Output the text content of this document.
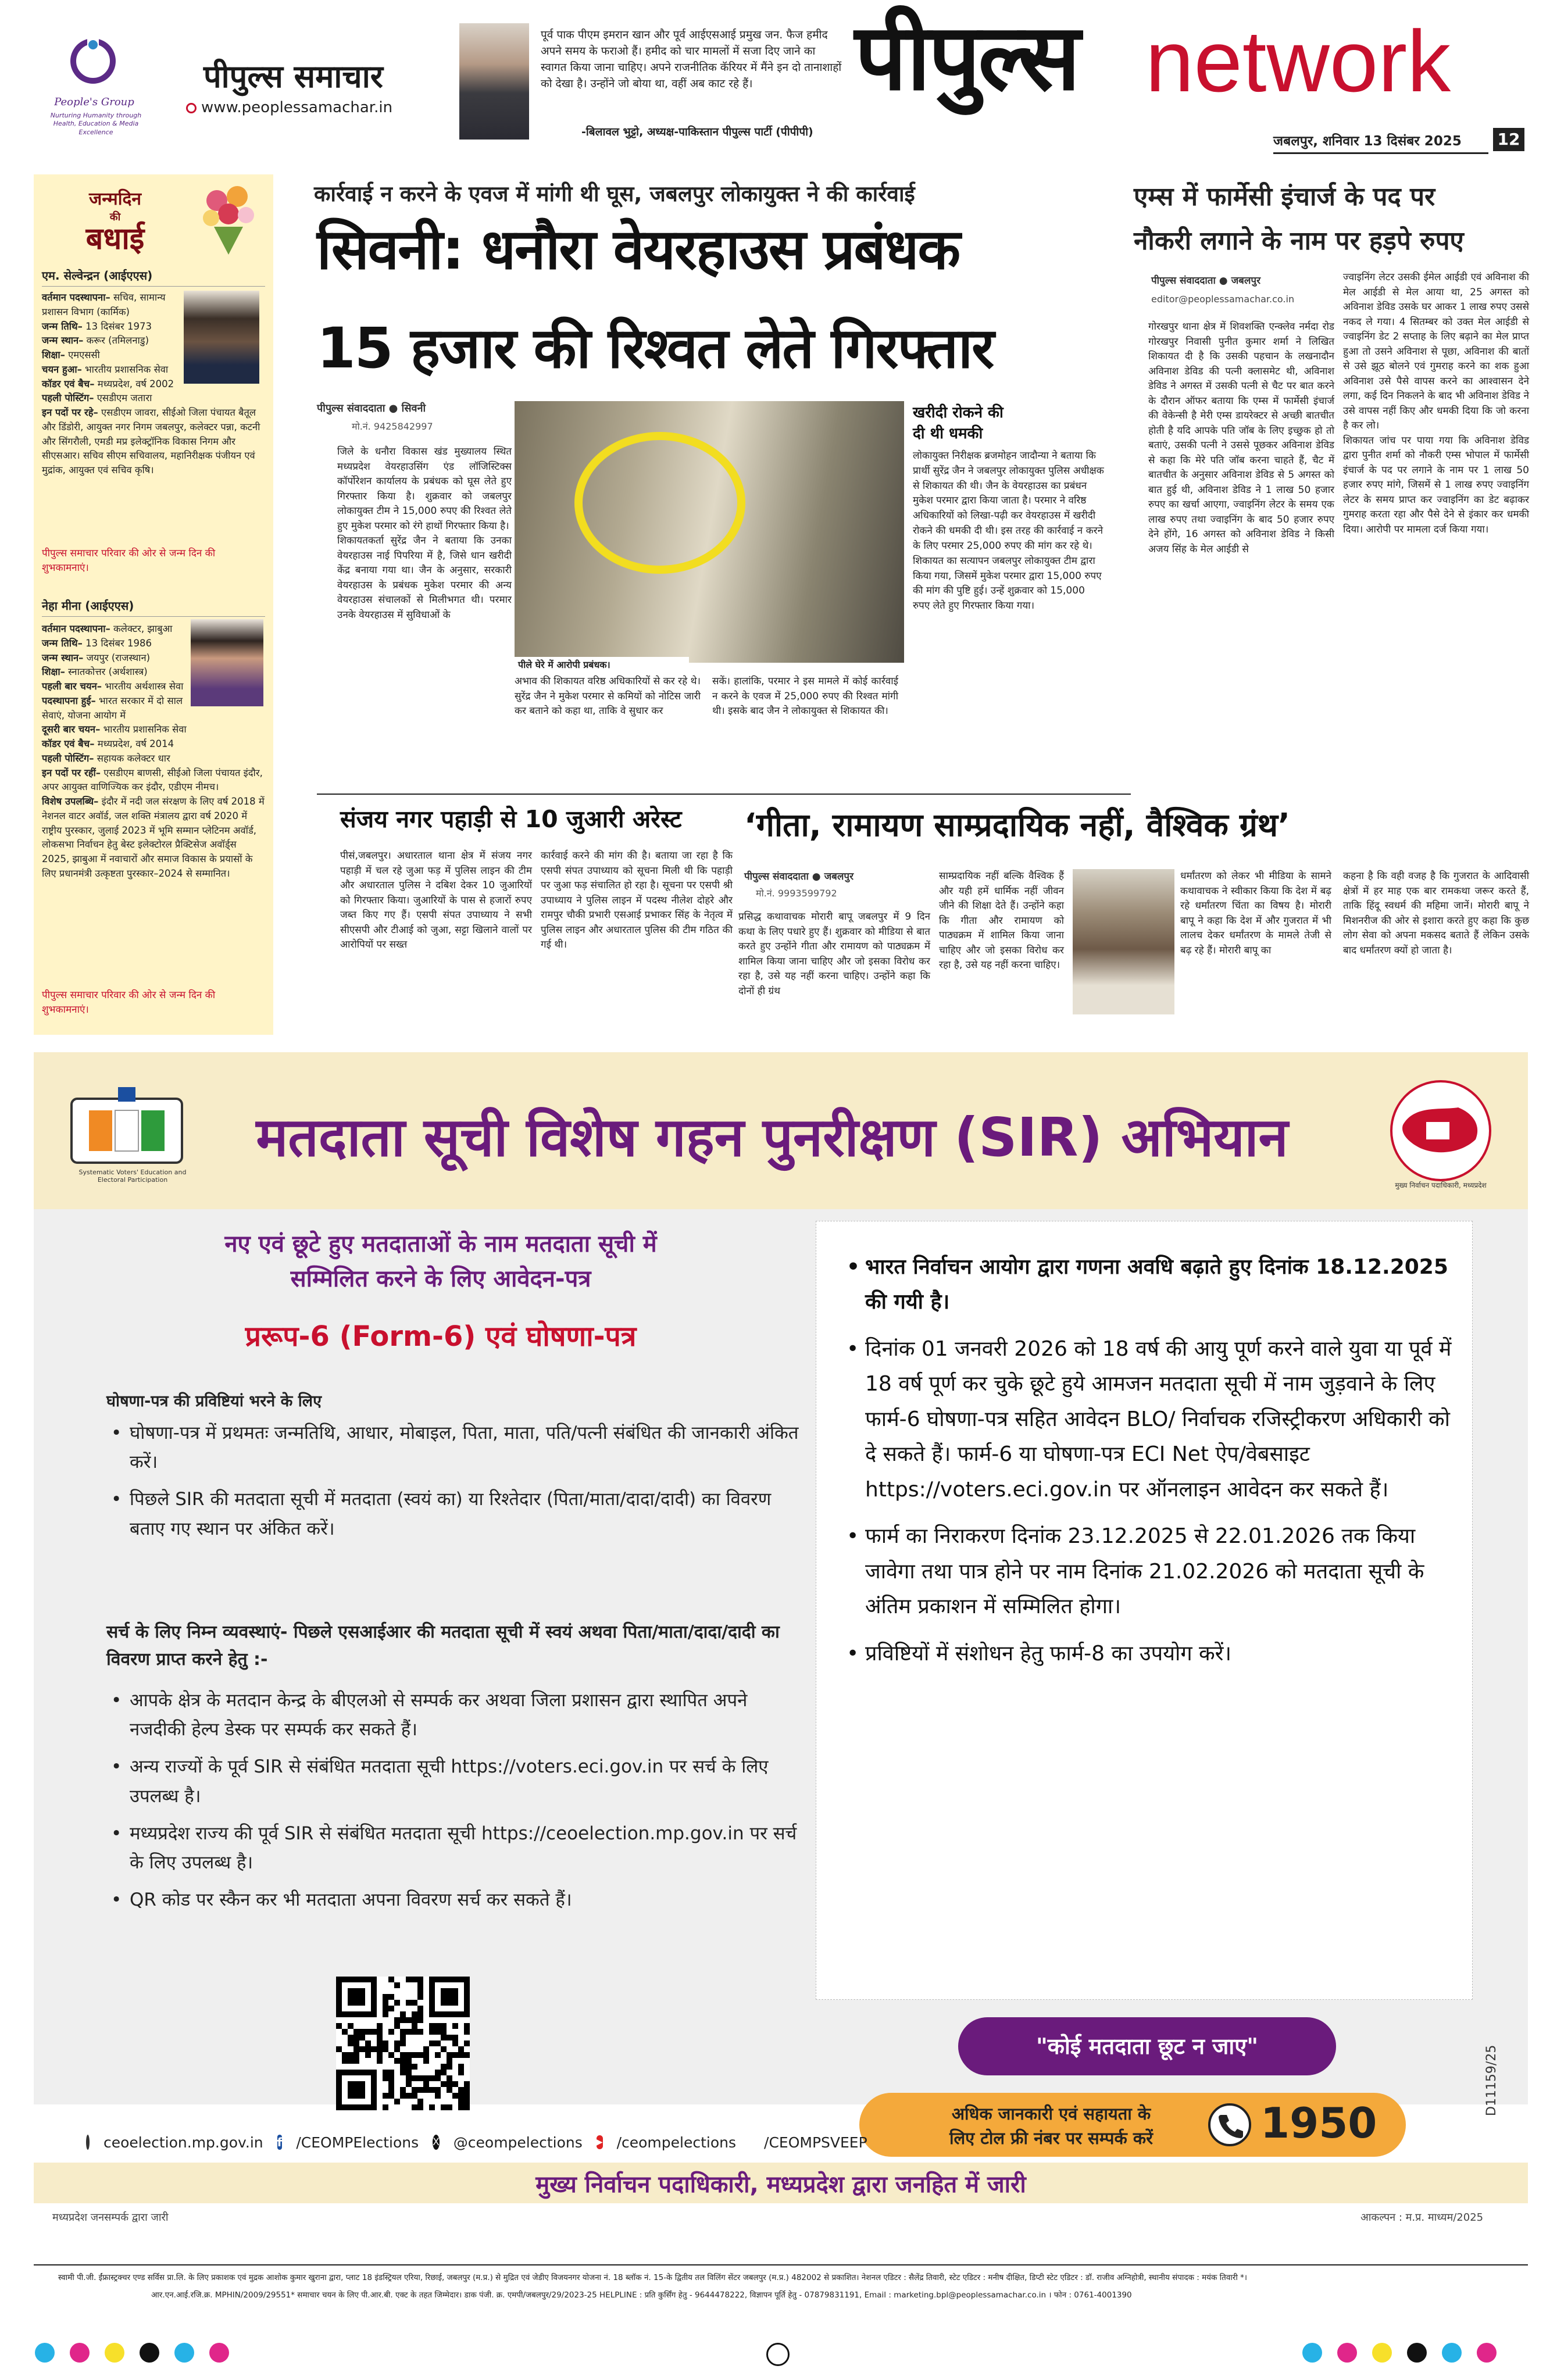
People's Group
Nurturing Humanity through Health, Education & Media Excellence
पीपुल्स समाचार
www.peoplessamachar.in
पूर्व पाक पीएम इमरान खान और पूर्व आईएसआई प्रमुख जन. फैज हमीद अपने समय के फराओ हैं। हमीद को चार मामलों में सजा दिए जाने का स्वागत किया जाना चाहिए। अपने राजनीतिक कॅरियर में मैंने इन दो तानाशाहों को देखा है। उन्होंने जो बोया था, वहीं अब काट रहे हैं।
-बिलावल भुट्टो, अध्यक्ष-पाकिस्तान पीपुल्स पार्टी (पीपीपी)
पीपुल्स network
जबलपुर, शनिवार 13 दिसंबर 2025 12
जन्मदिन
की
बधाई
एम. सेल्वेन्द्रन (आईएएस)
वर्तमान पदस्थापना– सचिव, सामान्य प्रशासन विभाग (कार्मिक)
जन्म तिथि– 13 दिसंबर 1973
जन्म स्थान– करूर (तमिलनाडु)
शिक्षा– एमएससी
चयन हुआ– भारतीय प्रशासनिक सेवा
कॉडर एवं बैच– मध्यप्रदेश, वर्ष 2002
पहली पोस्टिंग– एसडीएम जतारा
इन पदों पर रहे– एसडीएम जावरा, सीईओ जिला पंचायत बैतूल और डिंडोरी, आयुक्त नगर निगम जबलपुर, कलेक्टर पन्ना, कटनी और सिंगरौली, एमडी मप्र इलेक्ट्रॉनिक विकास निगम और सीएसआर। सचिव सीएम सचिवालय, महानिरीक्षक पंजीयन एवं मुद्रांक, आयुक्त एवं सचिव कृषि।
पीपुल्स समाचार परिवार की ओर से जन्म दिन की शुभकामनाएं।
नेहा मीना (आईएएस)
वर्तमान पदस्थापना– कलेक्टर, झाबुआ
जन्म तिथि– 13 दिसंबर 1986
जन्म स्थान– जयपुर (राजस्थान)
शिक्षा– स्नातकोत्तर (अर्थशास्त्र)
पहली बार चयन– भारतीय अर्थशास्त्र सेवा
पदस्थापना हुई– भारत सरकार में दो साल सेवाएं, योजना आयोग में
दूसरी बार चयन– भारतीय प्रशासनिक सेवा
कॉडर एवं बैच– मध्यप्रदेश, वर्ष 2014
पहली पोस्टिंग– सहायक कलेक्टर धार
इन पदों पर रहीं– एसडीएम बाणसी, सीईओ जिला पंचायत इंदौर, अपर आयुक्त वाणिज्यिक कर इंदौर, एडीएम नीमच।
विशेष उपलब्धि– इंदौर में नदी जल संरक्षण के लिए वर्ष 2018 में नेशनल वाटर अवॉर्ड, जल शक्ति मंत्रालय द्वारा वर्ष 2020 में राष्ट्रीय पुरस्कार, जुलाई 2023 में भूमि सम्मान प्लेटिनम अवॉर्ड, लोकसभा निर्वाचन हेतु बेस्ट इलेक्टोरल प्रैक्टिसेज अवॉर्ड्स 2025, झाबुआ में नवाचारों और समाज विकास के प्रयासों के लिए प्रधानमंत्री उत्कृष्टता पुरस्कार–2024 से सम्मानित।
पीपुल्स समाचार परिवार की ओर से जन्म दिन की शुभकामनाएं।
कार्रवाई न करने के एवज में मांगी थी घूस, जबलपुर लोकायुक्त ने की कार्रवाई
सिवनी: धनौरा वेयरहाउस प्रबंधक
15 हजार की रिश्वत लेते गिरफ्तार
पीपुल्स संवाददाता ● सिवनी
मो.नं. 9425842997
जिले के धनौरा विकास खंड मुख्यालय स्थित मध्यप्रदेश वेयरहाउसिंग एंड लॉजिस्टिक्स कॉर्पोरेशन कार्यालय के प्रबंधक को घूस लेते हुए गिरफ्तार किया है। शुक्रवार को जबलपुर लोकायुक्त टीम ने 15,000 रुपए की रिश्वत लेते हुए मुकेश परमार को रंगे हाथों गिरफ्तार किया है।
शिकायतकर्ता सुरेंद्र जैन ने बताया कि उनका वेयरहाउस नाई पिपरिया में है, जिसे धान खरीदी केंद्र बनाया गया था। जैन के अनुसार, सरकारी वेयरहाउस के प्रबंधक मुकेश परमार की अन्य वेयरहाउस संचालकों से मिलीभगत थी। परमार उनके वेयरहाउस में सुविधाओं के
पीले घेरे में आरोपी प्रबंधक।
अभाव की शिकायत वरिष्ठ अधिकारियों से कर रहे थे। सुरेंद्र जैन ने मुकेश परमार से कमियों को नोटिस जारी कर बताने को कहा था, ताकि वे सुधार कर
सकें। हालांकि, परमार ने इस मामले में कोई कार्रवाई न करने के एवज में 25,000 रुपए की रिश्वत मांगी थी। इसके बाद जैन ने लोकायुक्त से शिकायत की।
खरीदी रोकने की
दी थी धमकी
लोकायुक्त निरीक्षक ब्रजमोहन जादौन्या ने बताया कि प्रार्थी सुरेंद्र जैन ने जबलपुर लोकायुक्त पुलिस अधीक्षक से शिकायत की थी। जैन के वेयरहाउस का प्रबंधन मुकेश परमार द्वारा किया जाता है। परमार ने वरिष्ठ अधिकारियों को लिखा-पढ़ी कर वेयरहाउस में खरीदी रोकने की धमकी दी थी। इस तरह की कार्रवाई न करने के लिए परमार 25,000 रुपए की मांग कर रहे थे। शिकायत का सत्यापन जबलपुर लोकायुक्त टीम द्वारा किया गया, जिसमें मुकेश परमार द्वारा 15,000 रुपए की मांग की पुष्टि हुई। उन्हें शुक्रवार को 15,000 रुपए लेते हुए गिरफ्तार किया गया।
एम्स में फार्मेसी इंचार्ज के पद पर
नौकरी लगाने के नाम पर हड़पे रुपए
पीपुल्स संवाददाता ● जबलपुर
editor@peoplessamachar.co.in
गोरखपुर थाना क्षेत्र में शिवशक्ति एन्क्लेव नर्मदा रोड गोरखपुर निवासी पुनीत कुमार शर्मा ने लिखित शिकायत दी है कि उसकी पहचान के लखनादौन अविनाश डेविड की पत्नी क्लासमेट थी, अविनाश डेविड ने अगस्त में उसकी पत्नी से चैट पर बात करने के दौरान ऑफर बताया कि एम्स में फार्मेसी इंचार्ज की वेकेन्सी है मेरी एम्स डायरेक्टर से अच्छी बातचीत होती है यदि आपके पति जॉब के लिए इच्छुक हो तो बताएं, उसकी पत्नी ने उससे पूछकर अविनाश डेविड से कहा कि मेरे पति जॉब करना चाहते हैं, चैट में बातचीत के अनुसार अविनाश डेविड से 5 अगस्त को बात हुई थी, अविनाश डेविड ने 1 लाख 50 हजार रुपए का खर्चा आएगा, ज्वाइनिंग लेटर के समय एक लाख रुपए तथा ज्वाइनिंग के बाद 50 हजार रुपए देने होंगे, 16 अगस्त को अविनाश डेविड ने किसी अजय सिंह के मेल आईडी से
ज्वाइनिंग लेटर उसकी ईमेल आईडी एवं अविनाश की मेल आईडी से मेल आया था, 25 अगस्त को अविनाश डेविड उसके घर आकर 1 लाख रुपए उससे नकद ले गया। 4 सितम्बर को उक्त मेल आईडी से ज्वाइनिंग डेट 2 सप्ताह के लिए बढ़ाने का मेल प्राप्त हुआ तो उसने अविनाश से पूछा, अविनाश की बातों से उसे झूठ बोलने एवं गुमराह करने का शक हुआ अविनाश उसे पैसे वापस करने का आश्वासन देने लगा, कई दिन निकलने के बाद भी अविनाश डेविड ने उसे वापस नहीं किए और धमकी दिया कि जो करना है कर लो।
शिकायत जांच पर पाया गया कि अविनाश डेविड द्वारा पुनीत शर्मा को नौकरी एम्स भोपाल में फार्मेसी इंचार्ज के पद पर लगाने के नाम पर 1 लाख 50 हजार रुपए मांगे, जिसमें से 1 लाख रुपए ज्वाइनिंग लेटर के समय प्राप्त कर ज्वाइनिंग का डेट बढ़ाकर गुमराह करता रहा और पैसे देने से इंकार कर धमकी दिया। आरोपी पर मामला दर्ज किया गया।
संजय नगर पहाड़ी से 10 जुआरी अरेस्ट
पीसं,जबलपुर। अधारताल थाना क्षेत्र में संजय नगर पहाड़ी में चल रहे जुआ फड़ में पुलिस लाइन की टीम और अधारताल पुलिस ने दबिश देकर 10 जुआरियों को गिरफ्तार किया। जुआरियों के पास से हजारों रुपए जब्त किए गए हैं। एसपी संपत उपाध्याय ने सभी सीएसपी और टीआई को जुआ, सट्टा खिलाने वालों पर आरोपियों पर सख्त
कार्रवाई करने की मांग की है। बताया जा रहा है कि एसपी संपत उपाध्याय को सूचना मिली थी कि पहाड़ी पर जुआ फड़ संचालित हो रहा है। सूचना पर एसपी श्री उपाध्याय ने पुलिस लाइन में पदस्थ नीलेश दोहरे और रामपुर चौकी प्रभारी एसआई प्रभाकर सिंह के नेतृत्व में पुलिस लाइन और अधारताल पुलिस की टीम गठित की गई थी।
‘गीता, रामायण साम्प्रदायिक नहीं, वैश्विक ग्रंथ’
पीपुल्स संवाददाता ● जबलपुर
मो.नं. 9993599792
प्रसिद्ध कथावाचक मोरारी बापू जबलपुर में 9 दिन कथा के लिए पधारे हुए हैं। शुक्रवार को मीडिया से बात करते हुए उन्होंने गीता और रामायण को पाठ्यक्रम में शामिल किया जाना चाहिए और जो इसका विरोध कर रहा है, उसे यह नहीं करना चाहिए। उन्होंने कहा कि दोनों ही ग्रंथ
साम्प्रदायिक नहीं बल्कि वैश्विक हैं और यही हमें धार्मिक नहीं जीवन जीने की शिक्षा देते हैं। उन्होंने कहा कि गीता और रामायण को पाठ्यक्रम में शामिल किया जाना चाहिए और जो इसका विरोध कर रहा है, उसे यह नहीं करना चाहिए।
धर्मांतरण को लेकर भी मीडिया के सामने कथावाचक ने स्वीकार किया कि देश में बढ़ रहे धर्मांतरण चिंता का विषय है। मोरारी बापू ने कहा कि देश में और गुजरात में भी लालच देकर धर्मांतरण के मामले तेजी से बढ़ रहे हैं। मोरारी बापू का
कहना है कि वही वजह है कि गुजरात के आदिवासी क्षेत्रों में हर माह एक बार रामकथा जरूर करते हैं, ताकि हिंदू स्वधर्म की महिमा जानें। मोरारी बापू ने मिशनरीज की ओर से इशारा करते हुए कहा कि कुछ लोग सेवा को अपना मकसद बताते हैं लेकिन उसके बाद धर्मांतरण क्यों हो जाता है।
Systematic Voters' Education and Electoral Participation
मतदाता सूची विशेष गहन पुनरीक्षण (SIR) अभियान
मुख्य निर्वाचन पदाधिकारी, मध्यप्रदेश
नए एवं छूटे हुए मतदाताओं के नाम मतदाता सूची में
सम्मिलित करने के लिए आवेदन-पत्र
प्ररूप-6 (Form-6) एवं घोषणा-पत्र
घोषणा-पत्र की प्रविष्टियां भरने के लिए
• घोषणा-पत्र में प्रथमतः जन्मतिथि, आधार, मोबाइल, पिता, माता, पति/पत्नी संबंधित की जानकारी अंकित करें।
• पिछले SIR की मतदाता सूची में मतदाता (स्वयं का) या रिश्तेदार (पिता/माता/दादा/दादी) का विवरण बताए गए स्थान पर अंकित करें।
सर्च के लिए निम्न व्यवस्थाएं- पिछले एसआईआर की मतदाता सूची में स्वयं अथवा पिता/माता/दादा/दादी का विवरण प्राप्त करने हेतु :-
• आपके क्षेत्र के मतदान केन्द्र के बीएलओ से सम्पर्क कर अथवा जिला प्रशासन द्वारा स्थापित अपने नजदीकी हेल्प डेस्क पर सम्पर्क कर सकते हैं।
• अन्य राज्यों के पूर्व SIR से संबंधित मतदाता सूची https://voters.eci.gov.in पर सर्च के लिए उपलब्ध है।
• मध्यप्रदेश राज्य की पूर्व SIR से संबंधित मतदाता सूची https://ceoelection.mp.gov.in पर सर्च के लिए उपलब्ध है।
• QR कोड पर स्कैन कर भी मतदाता अपना विवरण सर्च कर सकते हैं।
• भारत निर्वाचन आयोग द्वारा गणना अवधि बढ़ाते हुए दिनांक 18.12.2025 की गयी है।
• दिनांक 01 जनवरी 2026 को 18 वर्ष की आयु पूर्ण करने वाले युवा या पूर्व में 18 वर्ष पूर्ण कर चुके छूटे हुये आमजन मतदाता सूची में नाम जुड़वाने के लिए फार्म-6 घोषणा-पत्र सहित आवेदन BLO/ निर्वाचक रजिस्ट्रीकरण अधिकारी को दे सकते हैं। फार्म-6 या घोषणा-पत्र ECI Net ऐप/वेबसाइट https://voters.eci.gov.in पर ऑनलाइन आवेदन कर सकते हैं।
• फार्म का निराकरण दिनांक 23.12.2025 से 22.01.2026 तक किया जावेगा तथा पात्र होने पर नाम दिनांक 21.02.2026 को मतदाता सूची के अंतिम प्रकाशन में सम्मिलित होगा।
• प्रविष्टियों में संशोधन हेतु फार्म-8 का उपयोग करें।
"कोई मतदाता छूट न जाए"
अधिक जानकारी एवं सहायता के
लिए टोल फ्री नंबर पर सम्पर्क करें	1950
D11159/25
ceoelection.mp.gov.in f /CEOMPElections X @ceompelections ▶ /ceompelections /CEOMPSVEEP
मुख्य निर्वाचन पदाधिकारी, मध्यप्रदेश द्वारा जनहित में जारी
मध्यप्रदेश जनसम्पर्क द्वारा जारी	आकल्पन : म.प्र. माध्यम/2025
स्वामी पी.जी. ईंफ्रास्ट्रक्चर एण्ड सर्विस प्रा.लि. के लिए प्रकाशक एवं मुद्रक आशोक कुमार खुराना द्वारा, प्लाट 18 इंडस्ट्रियल एरिया, रिछाई, जबलपुर (म.प्र.) से मुद्रित एवं जेडीए विजयनगर योजना नं. 18 ब्लॉक नं. 15-के द्वितीय तल विलिंग सेंटर जबलपुर (म.प्र.) 482002 से प्रकाशित। नेशनल एडिटर : सैलेंद्र तिवारी, स्टेट एडिटर : मनीष दीक्षित, डिप्टी स्टेट एडिटर : डॉ. राजीव अग्निहोत्री, स्थानीय संपादक : मयंक तिवारी *।
आर.एन.आई.रजि.क्र. MPHIN/2009/29551* समाचार चयन के लिए पी.आर.बी. एक्ट के तहत जिम्मेदार। डाक पंजी. क्र. एमपी/जबलपुर/29/2023-25 HELPLINE : प्रति कुर्सिंग हेतु - 9644478222, विज्ञापन पूर्ति हेतु - 07879831191, Email : marketing.bpl@peoplessamachar.co.in । फोन : 0761-4001390
